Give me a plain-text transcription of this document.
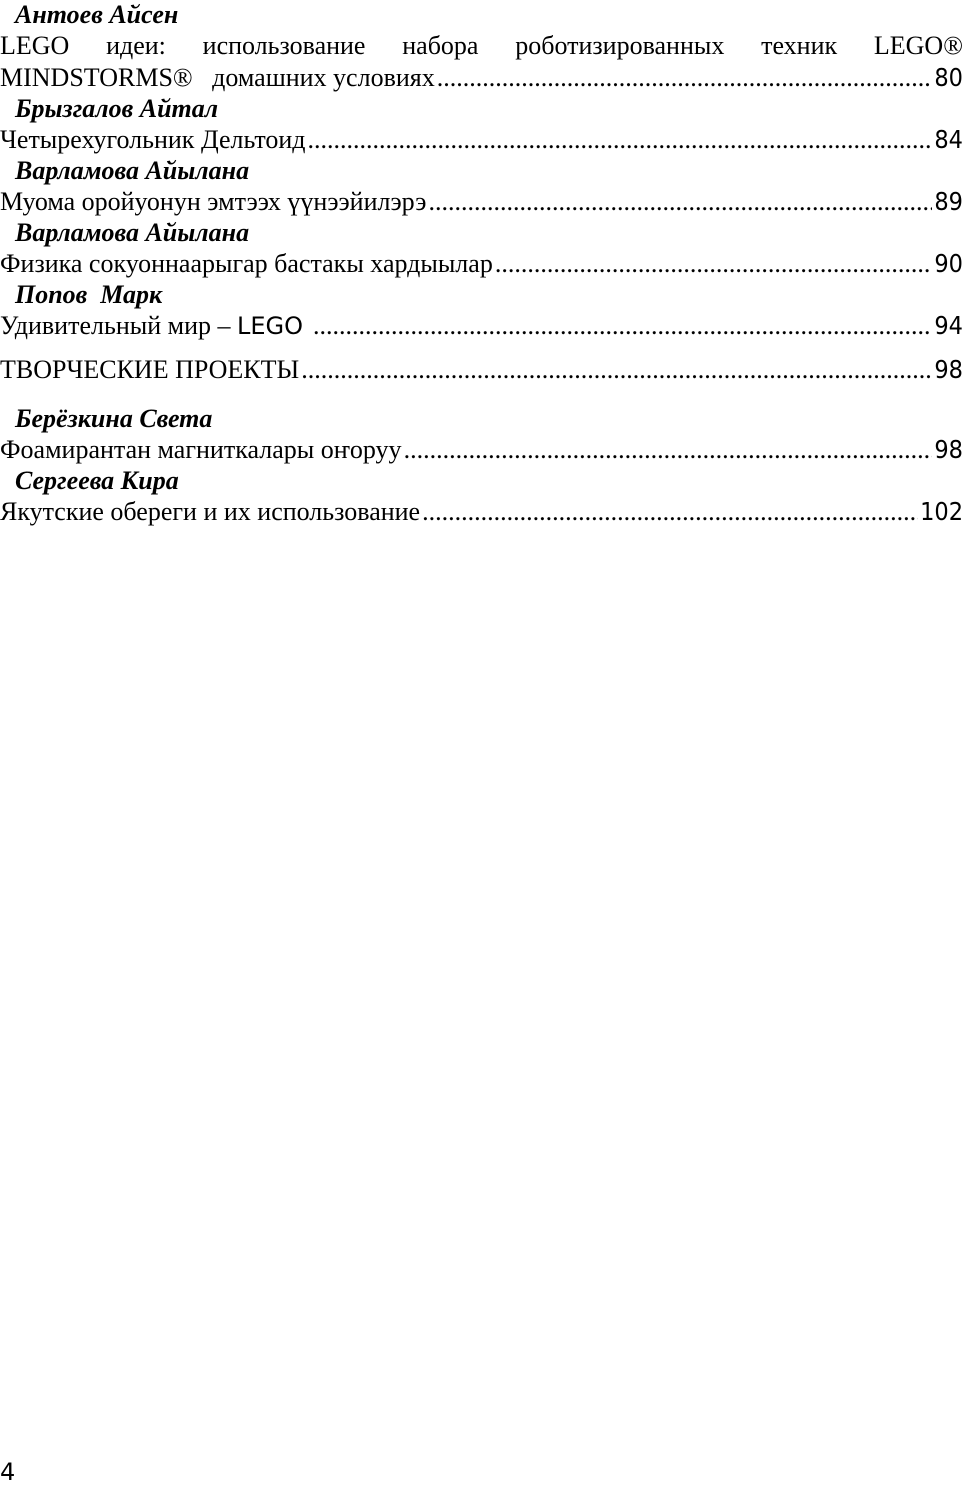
Антоев Айсен
LEGO идеи: использование набора роботизированных техник LEGO®
MINDSTORMS®   домашних условиях .....	80
Брызгалов Айтал
Четырехугольник Дельтоид .....	84
Варламова Айылана
Муома оройуонун эмтээх үүнээйилэрэ .....	89
Варламова Айылана
Физика сокуоннаарыгар бастакы хардыылар .....	90
Попов  Марк
Удивительный мир – LEGO .....	94
ТВОРЧЕСКИЕ ПРОЕКТЫ .....	98
Берёзкина Света
Фоамирантан магниткалары оҥоруу .....	98
Сергеева Кира
Якутские обереги и их использование .....	102
4
